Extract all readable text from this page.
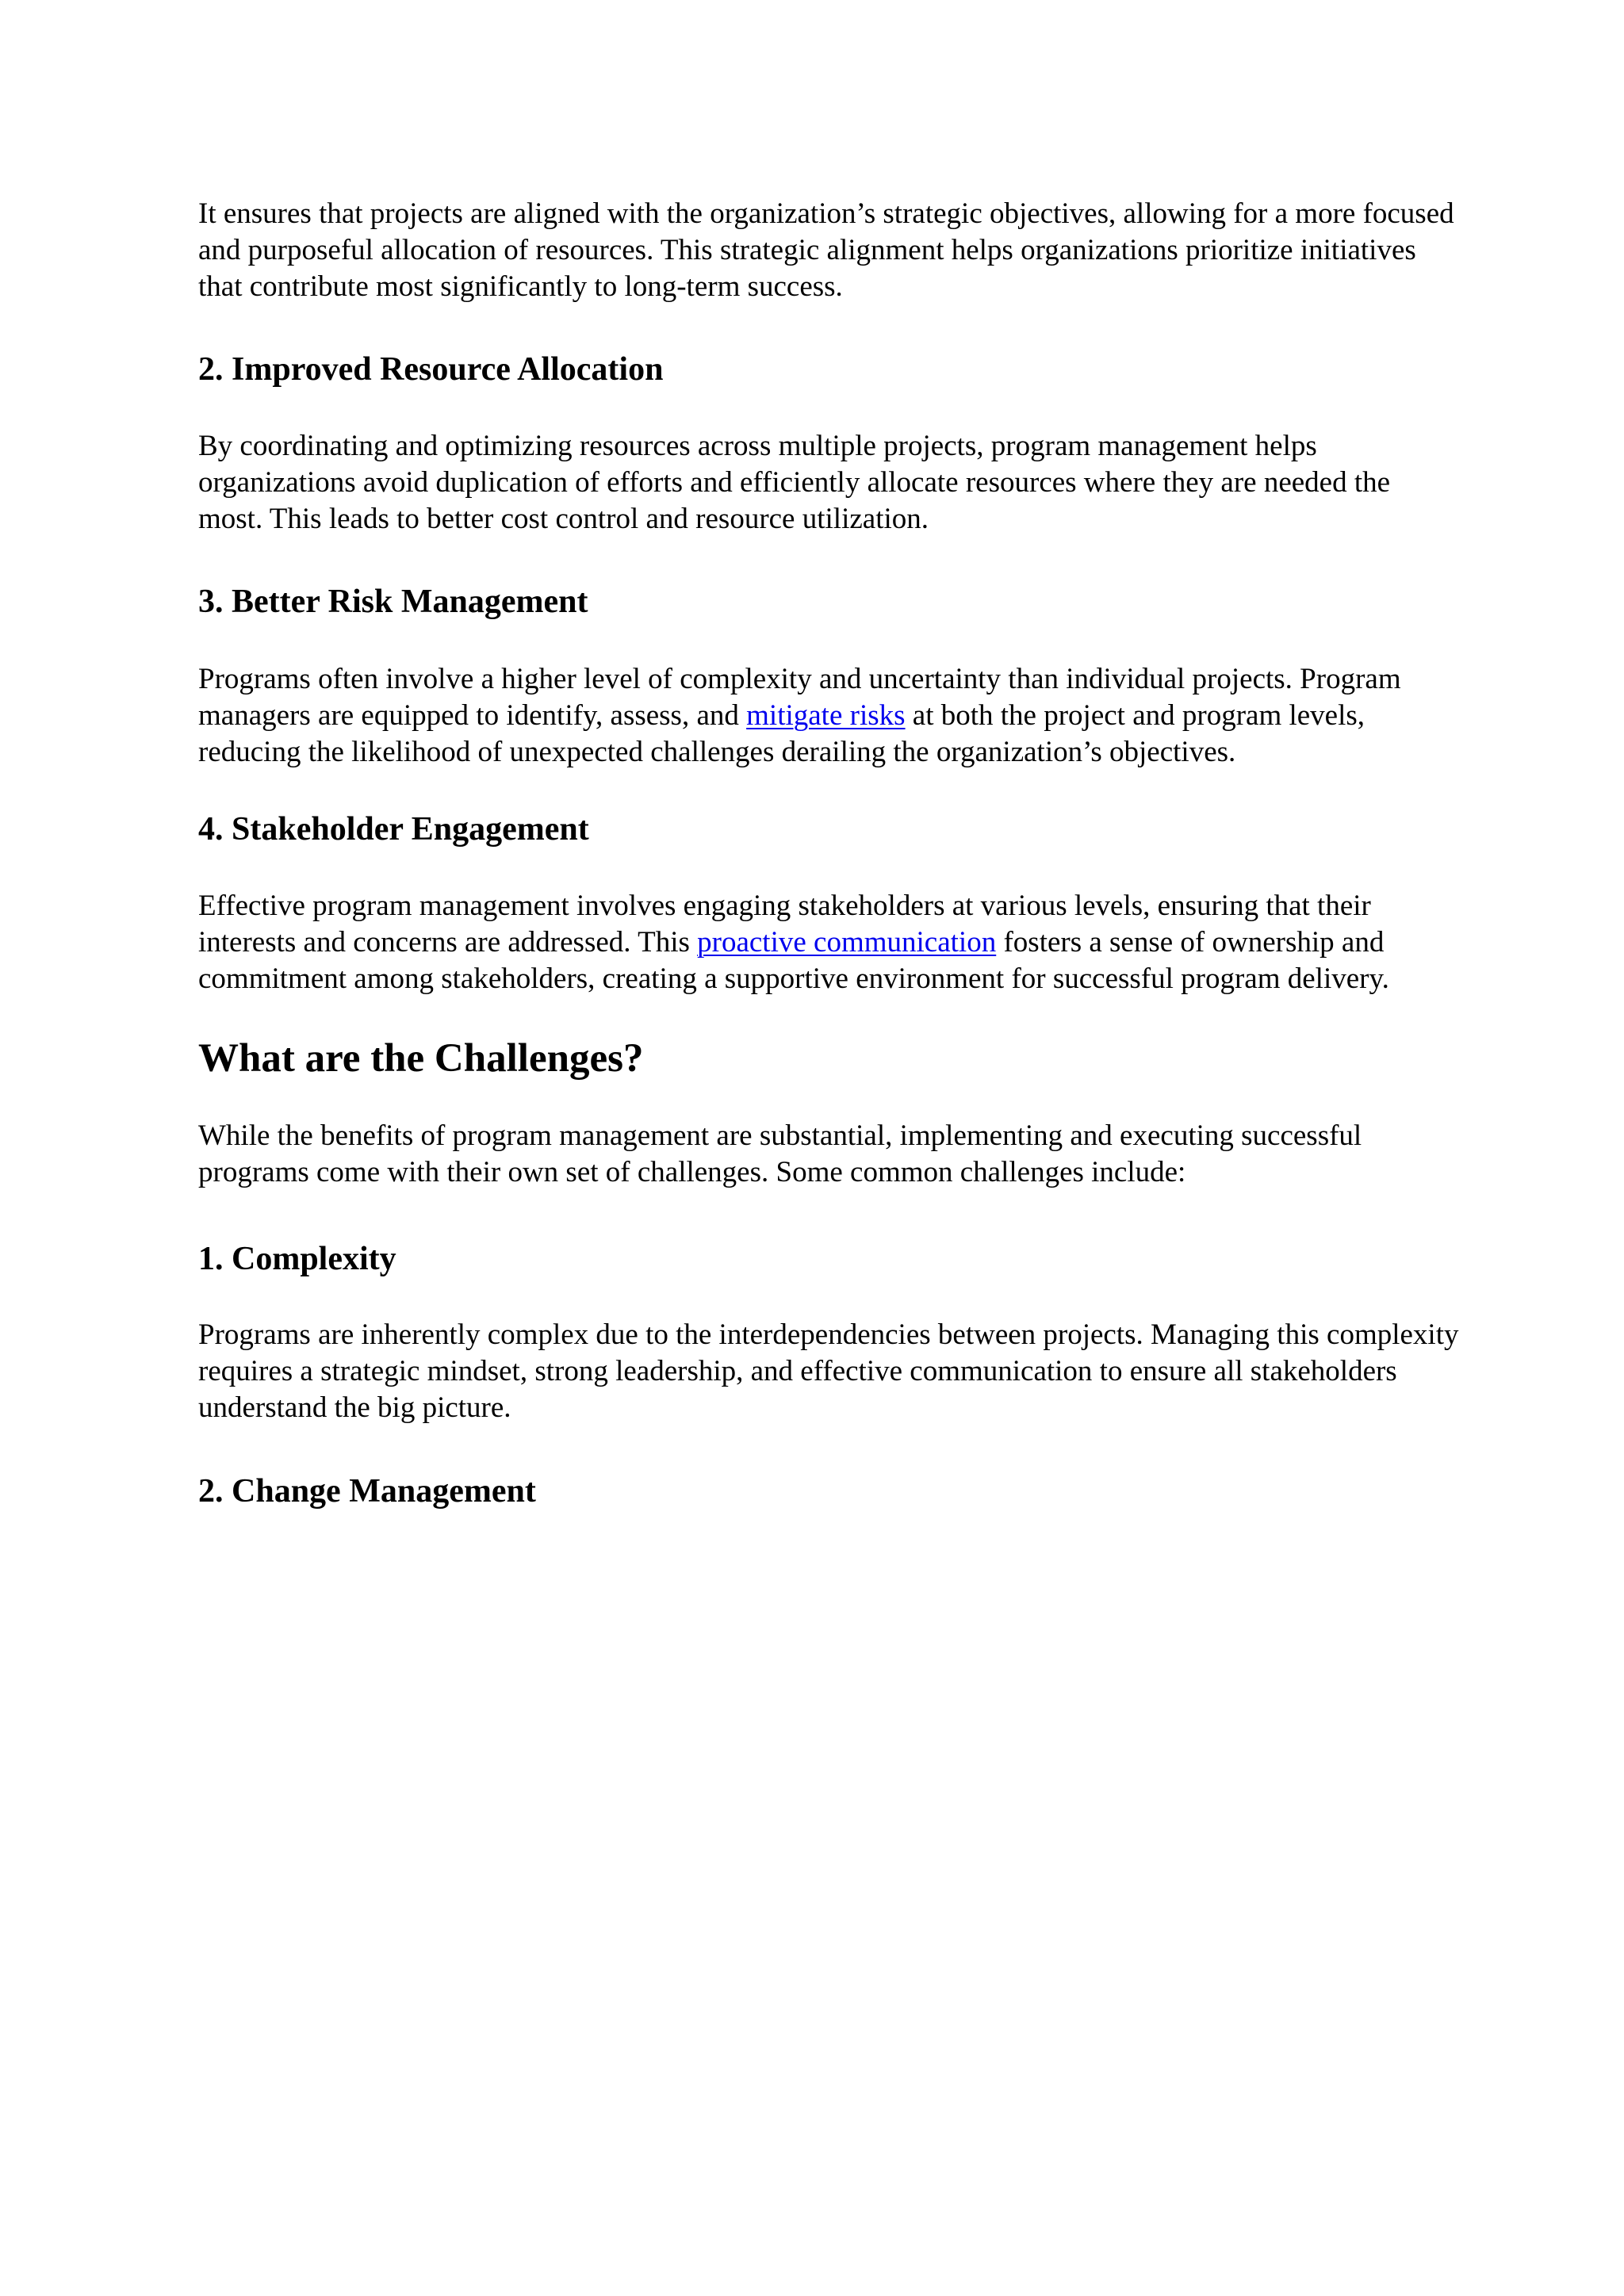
It ensures that projects are aligned with the organization’s strategic objectives, allowing for a more focused and purposeful allocation of resources. This strategic alignment helps organizations prioritize initiatives that contribute most significantly to long-term success.

2. Improved Resource Allocation

By coordinating and optimizing resources across multiple projects, program management helps organizations avoid duplication of efforts and efficiently allocate resources where they are needed the most. This leads to better cost control and resource utilization.

3. Better Risk Management

Programs often involve a higher level of complexity and uncertainty than individual projects. Program managers are equipped to identify, assess, and mitigate risks at both the project and program levels, reducing the likelihood of unexpected challenges derailing the organization’s objectives.

4. Stakeholder Engagement

Effective program management involves engaging stakeholders at various levels, ensuring that their interests and concerns are addressed. This proactive communication fosters a sense of ownership and commitment among stakeholders, creating a supportive environment for successful program delivery.

What are the Challenges?

While the benefits of program management are substantial, implementing and executing successful programs come with their own set of challenges. Some common challenges include:

1. Complexity

Programs are inherently complex due to the interdependencies between projects. Managing this complexity requires a strategic mindset, strong leadership, and effective communication to ensure all stakeholders understand the big picture.

2. Change Management
